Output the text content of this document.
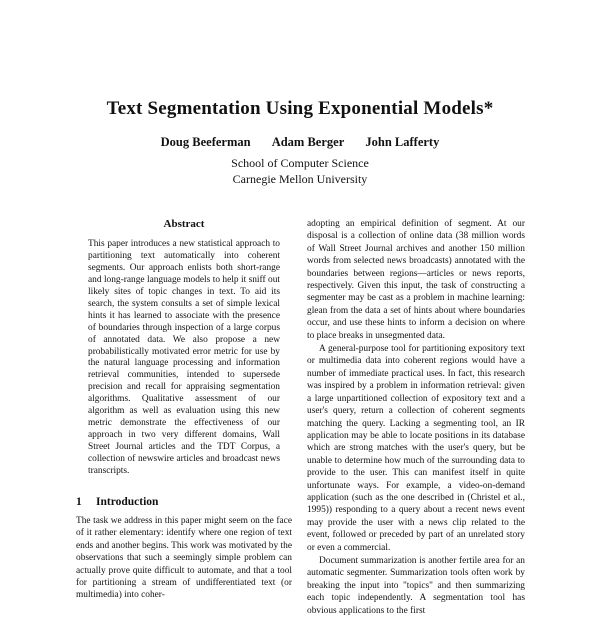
Text Segmentation Using Exponential Models*
Doug Beeferman Adam Berger John Lafferty
School of Computer Science
Carnegie Mellon University
Abstract

This paper introduces a new statistical approach to partitioning text automatically into coherent segments. Our approach enlists both short-range and long-range language models to help it sniff out likely sites of topic changes in text. To aid its search, the system consults a set of simple lexical hints it has learned to associate with the presence of boundaries through inspection of a large corpus of annotated data. We also propose a new probabilistically motivated error metric for use by the natural language processing and information retrieval communities, intended to supersede precision and recall for appraising segmentation algorithms. Qualitative assessment of our algorithm as well as evaluation using this new metric demonstrate the effectiveness of our approach in two very different domains, Wall Street Journal articles and the TDT Corpus, a collection of newswire articles and broadcast news transcripts.

1 Introduction

The task we address in this paper might seem on the face of it rather elementary: identify where one region of text ends and another begins. This work was motivated by the observations that such a seemingly simple problem can actually prove quite difficult to automate, and that a tool for partitioning a stream of undifferentiated text (or multimedia) into coher-

adopting an empirical definition of segment. At our disposal is a collection of online data (38 million words of Wall Street Journal archives and another 150 million words from selected news broadcasts) annotated with the boundaries between regions—articles or news reports, respectively. Given this input, the task of constructing a segmenter may be cast as a problem in machine learning: glean from the data a set of hints about where boundaries occur, and use these hints to inform a decision on where to place breaks in unsegmented data.

A general-purpose tool for partitioning expository text or multimedia data into coherent regions would have a number of immediate practical uses. In fact, this research was inspired by a problem in information retrieval: given a large unpartitioned collection of expository text and a user's query, return a collection of coherent segments matching the query. Lacking a segmenting tool, an IR application may be able to locate positions in its database which are strong matches with the user's query, but be unable to determine how much of the surrounding data to provide to the user. This can manifest itself in quite unfortunate ways. For example, a video-on-demand application (such as the one described in (Christel et al., 1995)) responding to a query about a recent news event may provide the user with a news clip related to the event, followed or preceded by part of an unrelated story or even a commercial.

Document summarization is another fertile area for an automatic segmenter. Summarization tools often work by breaking the input into "topics" and then summarizing each topic independently. A segmentation tool has obvious applications to the first
